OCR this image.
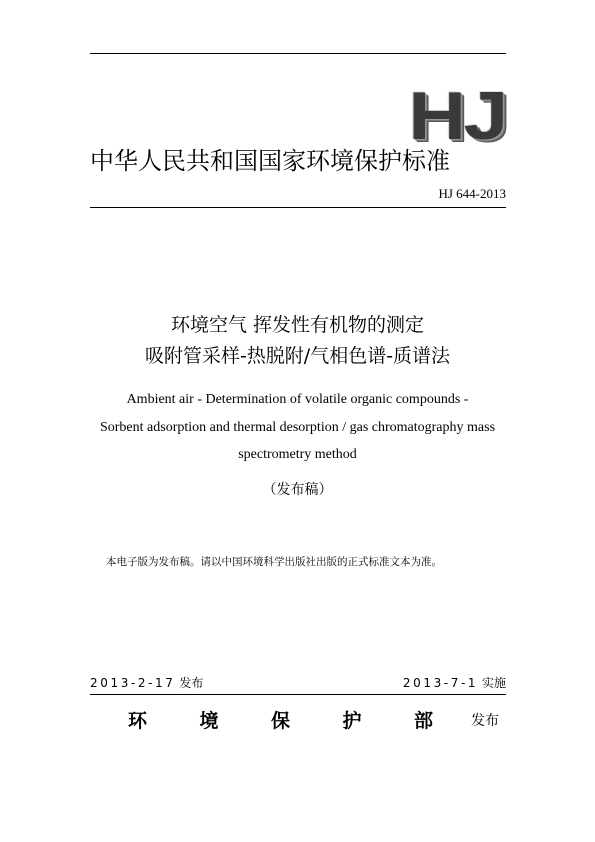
HJ
中华人民共和国国家环境保护标准
HJ 644-2013
环境空气 挥发性有机物的测定
吸附管采样-热脱附/气相色谱-质谱法
Ambient air - Determination of volatile organic compounds -
Sorbent adsorption and thermal desorption / gas chromatography mass
spectrometry method
（发布稿）
本电子版为发布稿。请以中国环境科学出版社出版的正式标准文本为准。
2013-2-17 发布	2013-7-1 实施
环	境	保	护	部	发布
